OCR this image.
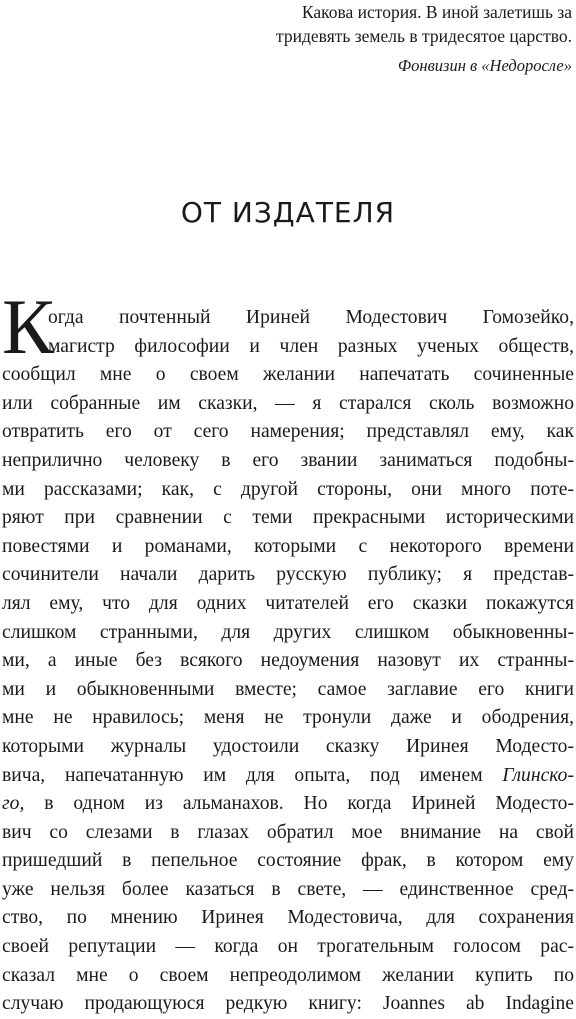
Какова история. В иной залетишь за
тридевять земель в тридесятое царство.
Фонвизин в «Недоросле»
ОТ ИЗДАТЕЛЯ
К
огда почтенный Ириней Модестович Гомозейко,
магистр философии и член разных ученых обществ,
сообщил мне о своем желании напечатать сочиненные
или собранные им сказки, — я старался сколь возможно
отвратить его от сего намерения; представлял ему, как
неприлично человеку в его звании заниматься подобны-
ми рассказами; как, с другой стороны, они много поте-
ряют при сравнении с теми прекрасными историческими
повестями и романами, которыми с некоторого времени
сочинители начали дарить русскую публику; я представ-
лял ему, что для одних читателей его сказки покажутся
слишком странными, для других слишком обыкновенны-
ми, а иные без всякого недоумения назовут их странны-
ми и обыкновенными вместе; самое заглавие его книги
мне не нравилось; меня не тронули даже и ободрения,
которыми журналы удостоили сказку Иринея Модесто-
вича, напечатанную им для опыта, под именем Глинско-
го, в одном из альманахов. Но когда Ириней Модесто-
вич со слезами в глазах обратил мое внимание на свой
пришедший в пепельное состояние фрак, в котором ему
уже нельзя более казаться в свете, — единственное сред-
ство, по мнению Иринея Модестовича, для сохранения
своей репутации — когда он трогательным голосом рас-
сказал мне о своем непреодолимом желании купить по
случаю продающуюся редкую книгу: Joannes ab Indagine
